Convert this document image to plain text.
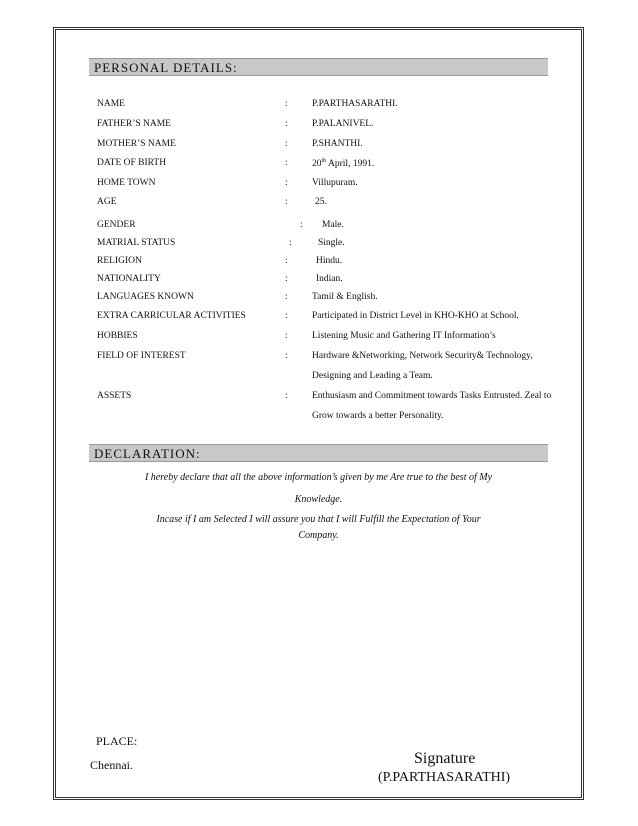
PERSONAL DETAILS:
NAME	:	P.PARTHASARATHI.
FATHER’S NAME	:	P.PALANIVEL.
MOTHER’S NAME	:	P.SHANTHI.
DATE OF BIRTH	:	20th April, 1991.
HOME TOWN	:	Villupuram.
AGE	:	25.
GENDER	: Male.
MATRIAL STATUS	:	Single.
RELIGION	:	Hindu.
NATIONALITY	:	Indian.
LANGUAGES KNOWN	:	Tamil & English.
EXTRA CARRICULAR ACTIVITIES	:	Participated in District Level in KHO-KHO at School.
HOBBIES	:	Listening Music and Gathering IT Information’s
FIELD OF INTEREST	:	Hardware &Networking, Network Security& Technology,
Designing and Leading a Team.
ASSETS	:	Enthusiasm and Commitment towards Tasks Entrusted. Zeal to
Grow towards a better Personality.
DECLARATION:
I hereby declare that all the above information’s given by me Are true to the best of My
Knowledge.
Incase if I am Selected I will assure you that I will Fulfill the Expectation of Your
Company.
PLACE:
Chennai.	Signature
(P.PARTHASARATHI)
